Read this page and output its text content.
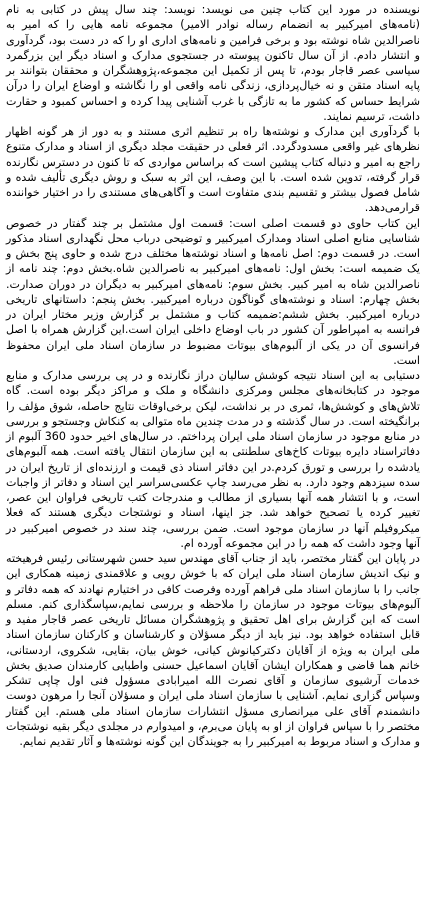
نویسنده در مورد این کتاب چنین می نویسد: نویسد: چند سال پیش در کتابی به نام (نامه‌های امیرکبیر به انضمام رساله نوادر الامیر) مجموعه نامه هایی را که امیر به ناصرالدین شاه نوشته بود و برخی فرامین و نامه‌های اداری او را که در دست بود، گردآوری و انتشار دادم. از آن سال تاکنون پیوسته در جستجوی مدارک و اسناد دیگر این بزرگمرد سیاسی عصر قاجار بودم، تا پس از تکمیل این مجموعه،پژوهشگران و محققان بتوانند بر پایه اسناد متقن و نه خیال‌پردازی، زندگی نامه واقعی او را نگاشته و اوضاع ایران را درآن شرایط حساس که کشور ما به تازگی با غرب آشنایی پیدا کرده و احساس کمبود و حقارت داشت، ترسیم نمایند.

با گردآوری این مدارک و نوشته‌ها راه بر تنظیم اثری مستند و به دور از هر گونه اظهار نظرهای غیر واقعی مسدودگردد. اثر فعلی در حقیقت مجلد دیگری از اسناد و مدارک متنوع راجع به امیر و دنباله کتاب پیشین است که براساس مواردی که تا کنون در دسترس نگارنده قرار گرفته، تدوین شده است. با این وصف، این اثر به سبک و روش دیگری تألیف شده و شامل فصول بیشتر و تقسیم بندی متفاوت است و آگاهی‌های مستندی را در اختیار خواننده قرارمی‌دهد.

این کتاب حاوی دو قسمت اصلی است: قسمت اول مشتمل بر چند گفتار در خصوص شناسایی منابع اصلی اسناد ومدارک امیرکبیر و توضیحی درباب محل نگهداری اسناد مذکور است. در قسمت دوم: اصل نامه‌ها و اسناد نوشته‌ها مختلف درج شده و حاوی پنج بخش و یک ضمیمه است: بخش اول: نامه‌های امیرکبیر به ناصرالدین شاه.بخش دوم: چند نامه از ناصرالدین شاه به امیر کبیر. بخش سوم: نامه‌های امیرکبیر به دیگران در دوران صدارت. بخش چهارم: اسناد و نوشته‌های گوناگون درباره امیرکبیر. بخش پنجم: داستانهای تاریخی درباره امیرکبیر. بخش ششم:ضمیمه کتاب و مشتمل بر گزارش وزیر مختار ایران در فرانسه به امپراطور آن کشور در باب اوضاع داخلی ایران است.این گزارش همراه با اصل فرانسوی آن در یکی از آلبوم‌های بیوتات مضبوط در سازمان اسناد ملی ایران محفوظ است.

دستیابی به این اسناد نتیجه کوشش سالیان دراز نگارنده و در پی بررسی مدارک و منابع موجود در کتابخانه‌های مجلس ومرکزی دانشگاه و ملک و مراکز دیگر بوده است. گاه تلاش‌های و کوشش‌ها، ثمری در بر نداشت، لیکن برخی‌اوقات نتایج حاصله، شوق مؤلف را برانگیخته است. در سال گذشته و در مدت چندین ماه متوالی به کنکاش وجستجو و بررسی در منابع موجود در سازمان اسناد ملی ایران پرداختم. در سال‌های اخیر حدود 360 آلبوم از دفاتراسناد دایره بیوتات کاخ‌های سلطنتی به این سازمان انتقال یافته است. همه آلبوم‌های یادشده را بررسی و تورق کردم.در این دفاتر اسناد ذی قیمت و ارزنده‌ای از تاریخ ایران در سده سیزدهم وجود دارد. به نظر می‌رسد چاپ عکسی‌سراسر این اسناد و دفاتر از واجبات است، و با انتشار همه آنها بسیاری از مطالب و مندرجات کتب تاریخی فراوان این عصر، تغییر کرده یا تصحیح خواهد شد. جز اینها، اسناد و نوشتجات دیگری هستند که فعلا میکروفیلم آنها در سازمان موجود است. ضمن بررسی، چند سند در خصوص امیرکبیر در آنها وجود داشت که همه را در این مجموعه آورده ام.

در پایان این گفتار مختصر، باید از جناب آقای مهندس سید حسن شهرستانی رئیس فرهیخته و نیک اندیش سازمان اسناد ملی ایران که با خوش رویی و علاقمندی زمینه همکاری این جانب را با سازمان اسناد ملی فراهم آورده وفرصت کافی در اختیارم نهادند که همه دفاتر و آلبوم‌های بیوتات موجود در سازمان را ملاحظه و بررسی نمایم،سپاسگذاری کنم. مسلم است که این گزارش برای اهل تحقیق و پژوهشگران مسائل تاریخی عصر قاجار مفید و قابل استفاده خواهد بود. نیز باید از دیگر مسؤلان و کارشناسان و کارکنان سازمان اسناد ملی ایران به ویژه از آقایان دکترکیانوش کیانی، خوش بیان، بقایی، شکروی، اردستانی، خانم هما قاضی و همکاران ایشان آقایان اسماعیل حسنی واطبایی کارمندان صدیق بخش خدمات آرشیوی سازمان و آقای نصرت الله امیرابادی مسؤول فنی اول چاپی تشکر وسپاس گزاری نمایم. آشنایی با سازمان اسناد ملی ایران و مسؤلان آنجا را مرهون دوست دانشمندم آقای علی میرانصاری مسؤل انتشارات سازمان اسناد ملی هستم. این گفتار مختصر را با سپاس فراوان از او به پایان می‌برم، و امیدوارم در مجلدی دیگر بقیه نوشتجات و مدارک و اسناد مربوط به امیرکبیر را به جویندگان این گونه نوشته‌ها و آثار تقدیم نمایم.
